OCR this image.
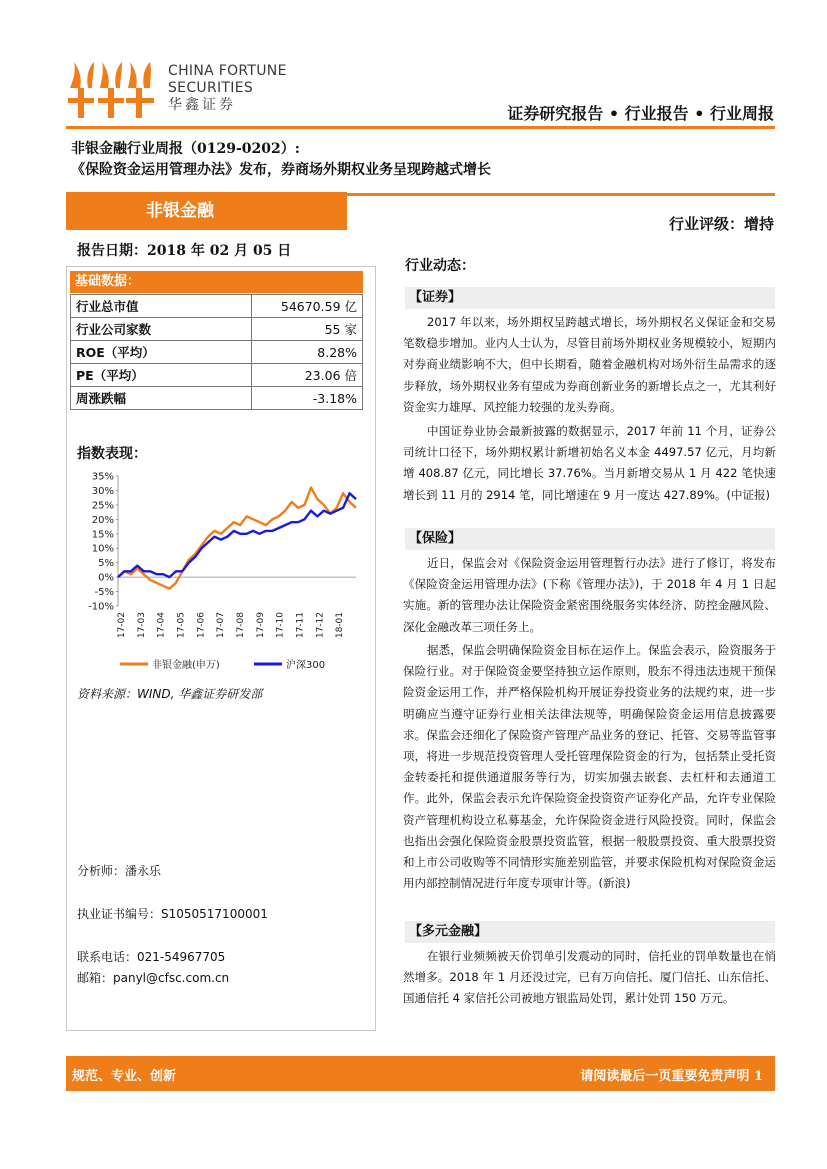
CHINA FORTUNE
SECURITIES
华鑫证券	证券研究报告 • 行业报告 • 行业周报
非银金融行业周报（0129-0202）:
《保险资金运用管理办法》发布，券商场外期权业务呈现跨越式增长
非银金融
行业评级：增持
报告日期：2018 年 02 月 05 日
基础数据：
行业总市值	54670.59 亿
行业公司家数	55 家
ROE（平均）	8.28%
PE（平均）	23.06 倍
周涨跌幅	-3.18%
指数表现：
35%
30%
25%
20%
15%
10%
5%
0%
-5%
-10%
17-02 17-03 17-04 17-05 17-06 17-07 17-08 17-09 17-10 17-11 17-12 18-01
非银金融(申万)	沪深300
资料来源：WIND, 华鑫证券研发部
分析师：潘永乐
执业证书编号：S1050517100001
联系电话：021-54967705
邮箱：panyl@cfsc.com.cn
行业动态：
【证券】
2017 年以来，场外期权呈跨越式增长，场外期权名义保证金和交易笔数稳步增加。业内人士认为，尽管目前场外期权业务规模较小，短期内对券商业绩影响不大，但中长期看，随着金融机构对场外衍生品需求的逐步释放，场外期权业务有望成为券商创新业务的新增长点之一，尤其利好资金实力雄厚、风控能力较强的龙头券商。
中国证券业协会最新披露的数据显示，2017 年前 11 个月，证券公司统计口径下，场外期权累计新增初始名义本金 4497.57 亿元，月均新增 408.87 亿元，同比增长 37.76%。当月新增交易从 1 月 422 笔快速增长到 11 月的 2914 笔，同比增速在 9 月一度达 427.89%。(中证报)
【保险】
近日，保监会对《保险资金运用管理暂行办法》进行了修订，将发布《保险资金运用管理办法》(下称《管理办法》)，于 2018 年 4 月 1 日起实施。新的管理办法让保险资金紧密围绕服务实体经济、防控金融风险、深化金融改革三项任务上。
据悉，保监会明确保险资金目标在运作上。保监会表示，险资服务于保险行业。对于保险资金要坚持独立运作原则，股东不得违法违规干预保险资金运用工作，并严格保险机构开展证券投资业务的法规约束，进一步明确应当遵守证券行业相关法律法规等，明确保险资金运用信息披露要求。保监会还细化了保险资产管理产品业务的登记、托管、交易等监管事项，将进一步规范投资管理人受托管理保险资金的行为，包括禁止受托资金转委托和提供通道服务等行为，切实加强去嵌套、去杠杆和去通道工作。此外，保监会表示允许保险资金投资资产证券化产品，允许专业保险资产管理机构设立私募基金，允许保险资金进行风险投资。同时，保监会也指出会强化保险资金股票投资监管，根据一般股票投资、重大股票投资和上市公司收购等不同情形实施差别监管，并要求保险机构对保险资金运用内部控制情况进行年度专项审计等。(新浪)
【多元金融】
在银行业频频被天价罚单引发震动的同时，信托业的罚单数量也在悄然增多。2018 年 1 月还没过完，已有万向信托、厦门信托、山东信托、国通信托 4 家信托公司被地方银监局处罚，累计处罚 150 万元。
规范、专业、创新	请阅读最后一页重要免责声明 1
